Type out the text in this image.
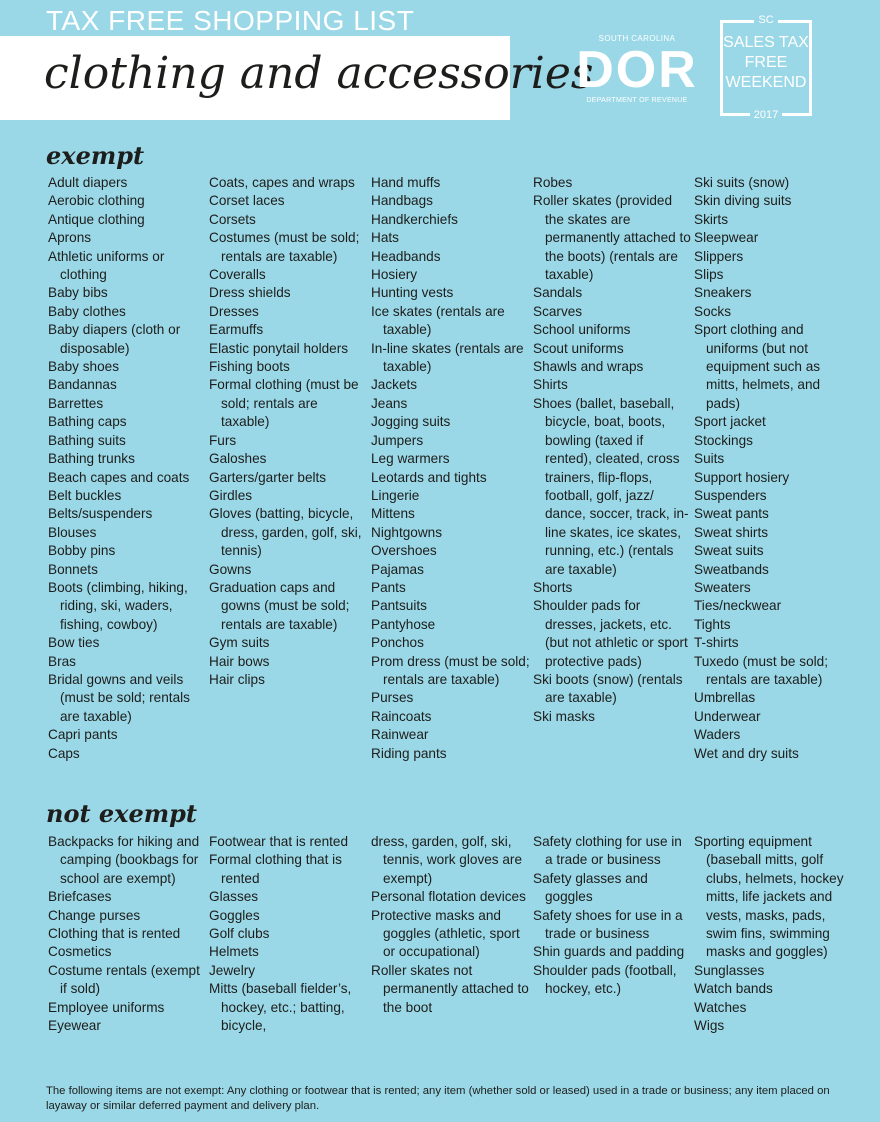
TAX FREE SHOPPING LIST
clothing and accessories
SOUTH CAROLINA
DOR
DEPARTMENT OF REVENUE
SC
SALES TAX
FREE
WEEKEND
2017
exempt
Adult diapers
Aerobic clothing
Antique clothing
Aprons
Athletic uniforms or clothing
Baby bibs
Baby clothes
Baby diapers (cloth or disposable)
Baby shoes
Bandannas
Barrettes
Bathing caps
Bathing suits
Bathing trunks
Beach capes and coats
Belt buckles
Belts/suspenders
Blouses
Bobby pins
Bonnets
Boots (climbing, hiking, riding, ski, waders, fishing, cowboy)
Bow ties
Bras
Bridal gowns and veils (must be sold; rentals are taxable)
Capri pants
Caps
Coats, capes and wraps
Corset laces
Corsets
Costumes (must be sold; rentals are taxable)
Coveralls
Dress shields
Dresses
Earmuffs
Elastic ponytail holders
Fishing boots
Formal clothing (must be sold; rentals are taxable)
Furs
Galoshes
Garters/garter belts
Girdles
Gloves (batting, bicycle, dress, garden, golf, ski, tennis)
Gowns
Graduation caps and gowns (must be sold; rentals are taxable)
Gym suits
Hair bows
Hair clips
Hand muffs
Handbags
Handkerchiefs
Hats
Headbands
Hosiery
Hunting vests
Ice skates (rentals are taxable)
In-line skates (rentals are taxable)
Jackets
Jeans
Jogging suits
Jumpers
Leg warmers
Leotards and tights
Lingerie
Mittens
Nightgowns
Overshoes
Pajamas
Pants
Pantsuits
Pantyhose
Ponchos
Prom dress (must be sold; rentals are taxable)
Purses
Raincoats
Rainwear
Riding pants
Robes
Roller skates (provided the skates are permanently attached to the boots) (rentals are taxable)
Sandals
Scarves
School uniforms
Scout uniforms
Shawls and wraps
Shirts
Shoes (ballet, baseball, bicycle, boat, boots, bowling (taxed if rented), cleated, cross trainers, flip-flops, football, golf, jazz/ dance, soccer, track, in-line skates, ice skates, running, etc.) (rentals are taxable)
Shorts
Shoulder pads for dresses, jackets, etc. (but not athletic or sport protective pads)
Ski boots (snow) (rentals are taxable)
Ski masks
Ski suits (snow)
Skin diving suits
Skirts
Sleepwear
Slippers
Slips
Sneakers
Socks
Sport clothing and uniforms (but not equipment such as mitts, helmets, and pads)
Sport jacket
Stockings
Suits
Support hosiery
Suspenders
Sweat pants
Sweat shirts
Sweat suits
Sweatbands
Sweaters
Ties/neckwear
Tights
T-shirts
Tuxedo (must be sold; rentals are taxable)
Umbrellas
Underwear
Waders
Wet and dry suits
not exempt
Backpacks for hiking and camping (bookbags for school are exempt)
Briefcases
Change purses
Clothing that is rented
Cosmetics
Costume rentals (exempt if sold)
Employee uniforms
Eyewear
Footwear that is rented
Formal clothing that is rented
Glasses
Goggles
Golf clubs
Helmets
Jewelry
Mitts (baseball fielder’s, hockey, etc.; batting, bicycle,
dress, garden, golf, ski, tennis, work gloves are exempt)
Personal flotation devices
Protective masks and goggles (athletic, sport or occupational)
Roller skates not permanently attached to the boot
Safety clothing for use in a trade or business
Safety glasses and goggles
Safety shoes for use in a trade or business
Shin guards and padding
Shoulder pads (football, hockey, etc.)
Sporting equipment (baseball mitts, golf clubs, helmets, hockey mitts, life jackets and vests, masks, pads, swim fins, swimming masks and goggles)
Sunglasses
Watch bands
Watches
Wigs
The following items are not exempt: Any clothing or footwear that is rented; any item (whether sold or leased) used in a trade or business; any item placed on layaway or similar deferred payment and delivery plan.
